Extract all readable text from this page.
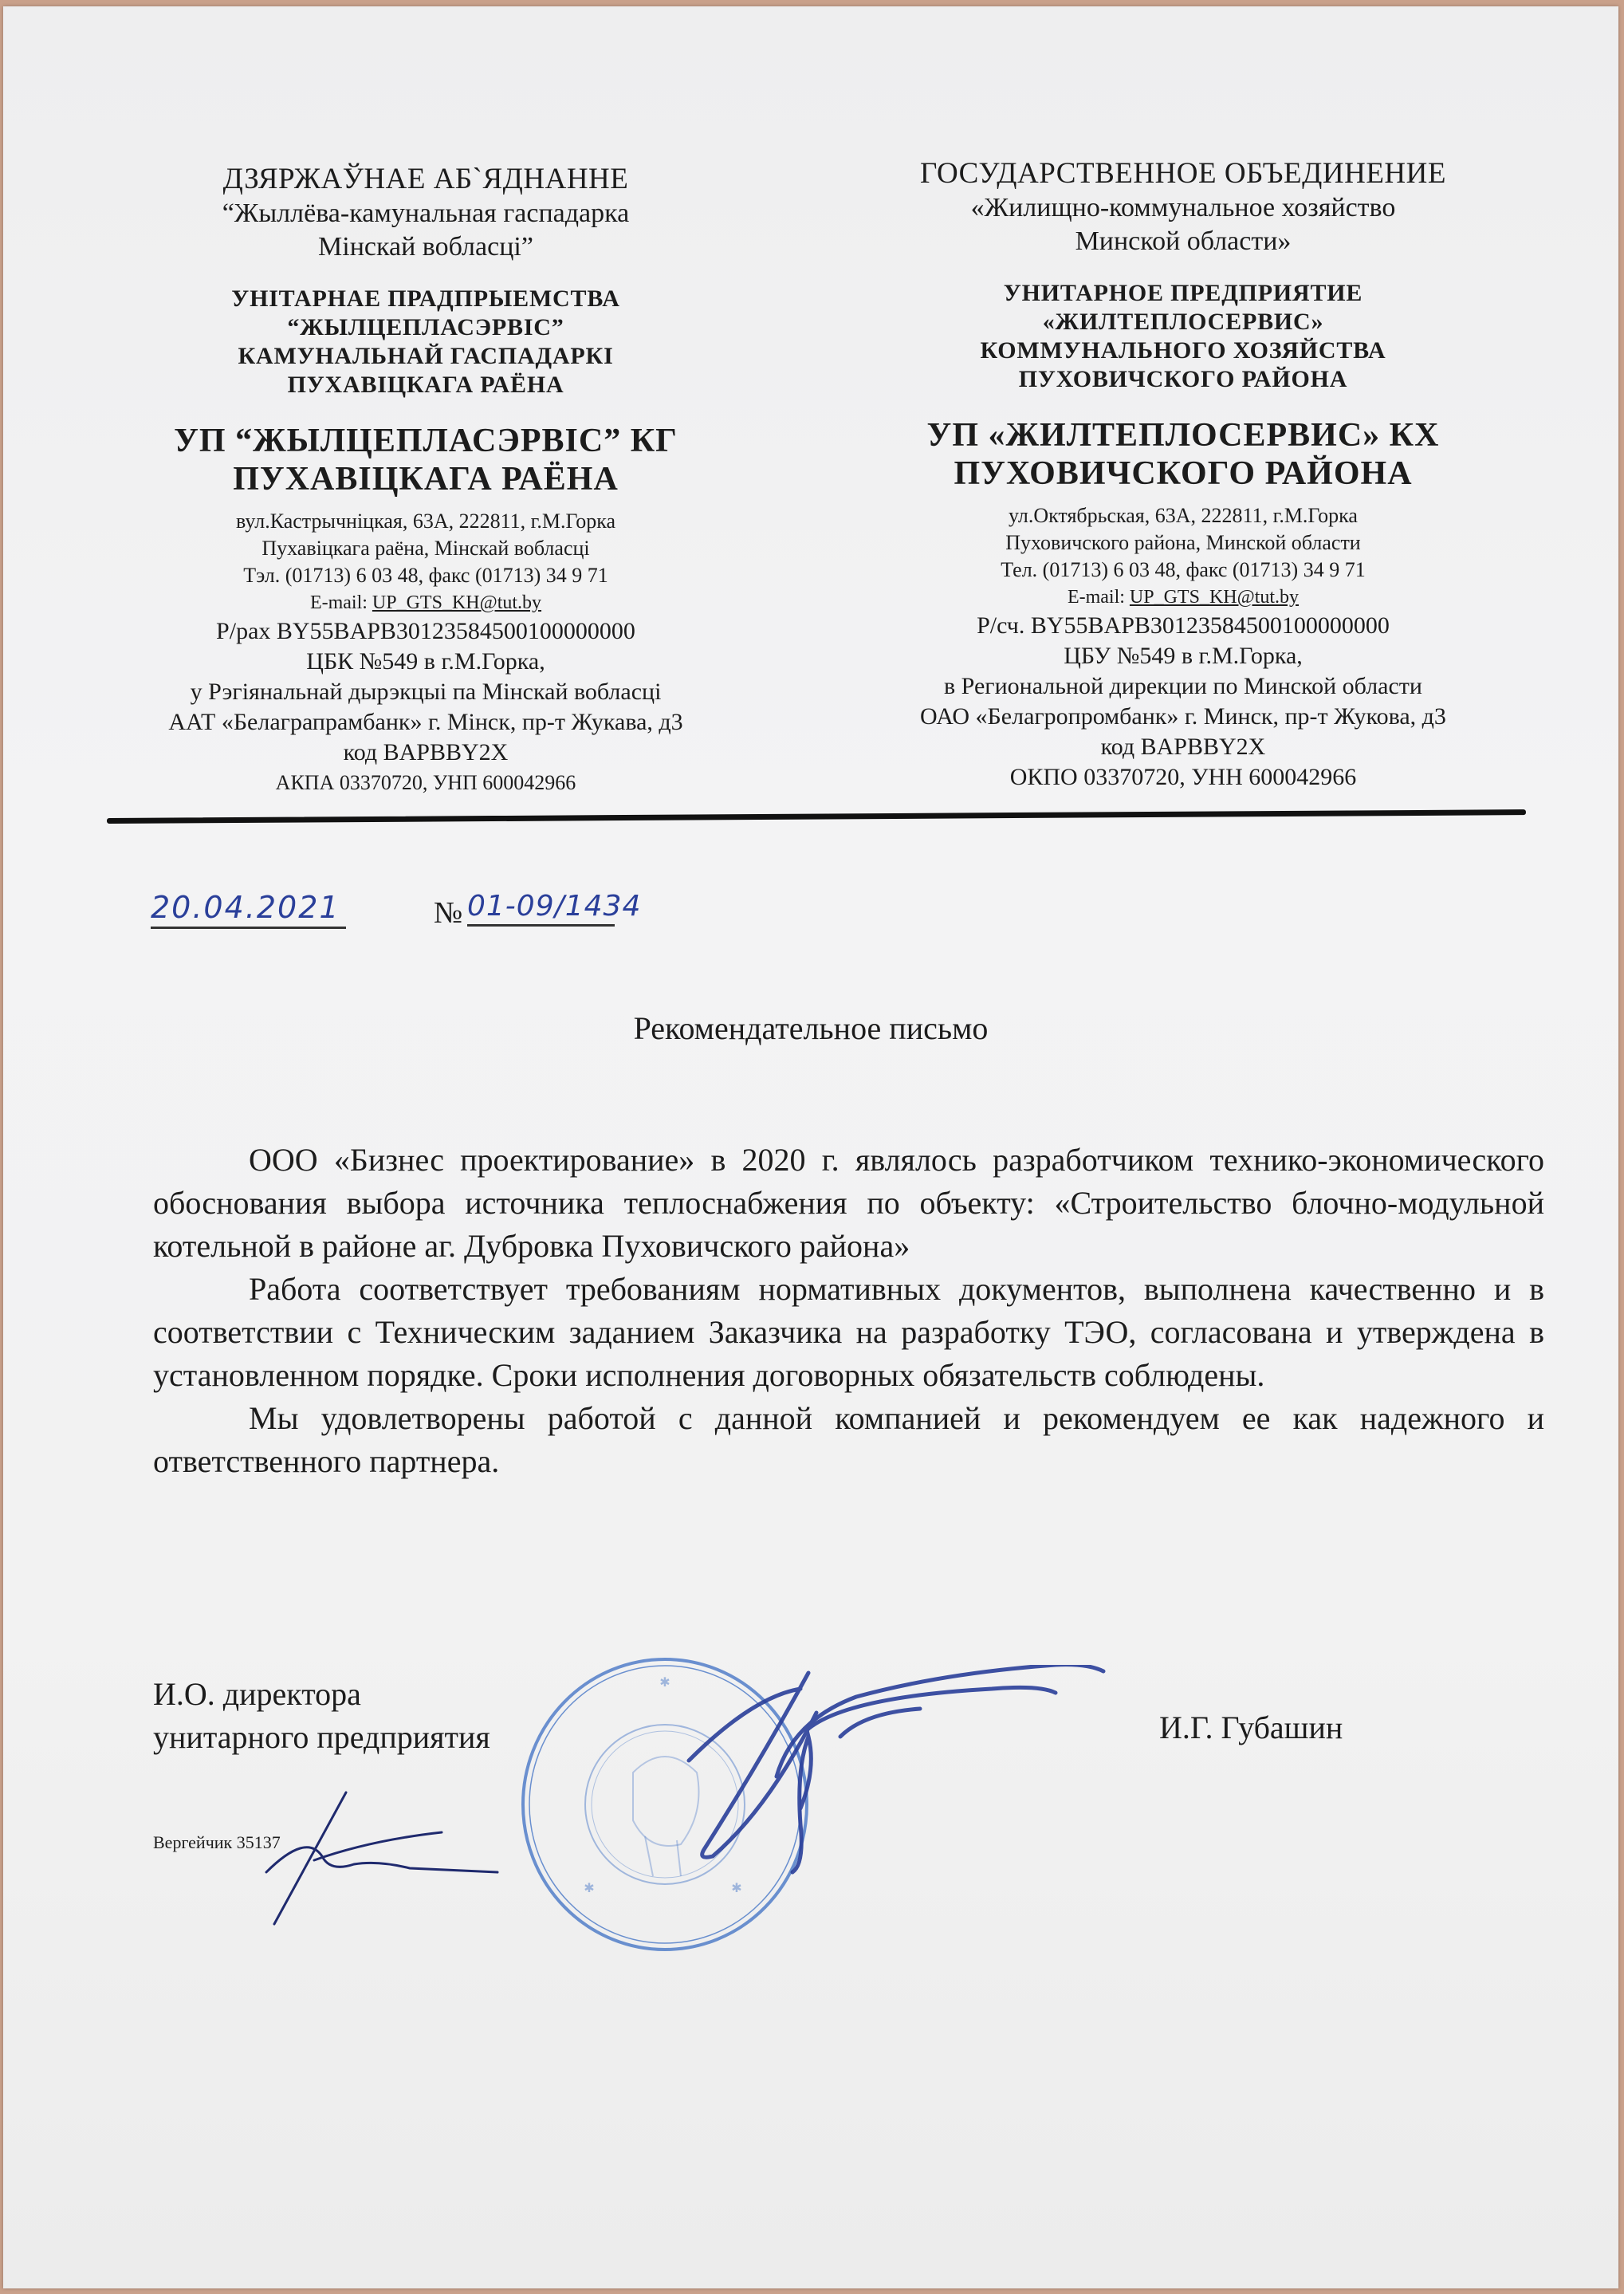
ДЗЯРЖАЎНАЕ АБ`ЯДНАННЕ
“Жыллёва-камунальная гаспадарка
Мінскай вобласці”
УНІТАРНАЕ ПРАДПРЫЕМСТВА
“ЖЫЛЦЕПЛАСЭРВІС”
КАМУНАЛЬНАЙ ГАСПАДАРКІ
ПУХАВІЦКАГА РАЁНА
УП “ЖЫЛЦЕПЛАСЭРВІС” КГ
ПУХАВІЦКАГА РАЁНА
вул.Кастрычніцкая, 63А, 222811, г.М.Горка
Пухавіцкага раёна, Мінскай вобласці
Тэл. (01713) 6 03 48, факс (01713) 34 9 71
E-mail: UP_GTS_KH@tut.by
Р/рах BY55BAPB30123584500100000000
ЦБК №549 в г.М.Горка,
у Рэгіянальнай дырэкцыі па Мінскай вобласці
ААТ «Белаграпрамбанк» г. Мінск, пр-т Жукава, д3
код BAPBBY2X
АКПА 03370720, УНП 600042966
ГОСУДАРСТВЕННОЕ ОБЪЕДИНЕНИЕ
«Жилищно-коммунальное хозяйство
Минской области»
УНИТАРНОЕ ПРЕДПРИЯТИЕ
«ЖИЛТЕПЛОСЕРВИС»
КОММУНАЛЬНОГО ХОЗЯЙСТВА
ПУХОВИЧСКОГО РАЙОНА
УП «ЖИЛТЕПЛОСЕРВИС» КХ
ПУХОВИЧСКОГО РАЙОНА
ул.Октябрьская, 63А, 222811, г.М.Горка
Пуховичского района, Минской области
Тел. (01713) 6 03 48, факс (01713) 34 9 71
E-mail: UP_GTS_KH@tut.by
Р/сч. BY55BAPB30123584500100000000
ЦБУ №549 в г.М.Горка,
в Региональной дирекции по Минской области
ОАО «Белагропромбанк» г. Минск, пр-т Жукова, д3
код BAPBBY2X
ОКПО 03370720, УНН 600042966
20.04.2021	№ 01-09/1434
Рекомендательное письмо

ООО «Бизнес проектирование» в 2020 г. являлось разработчиком технико-экономического обоснования выбора источника теплоснабжения по объекту: «Строительство блочно-модульной котельной в районе аг. Дубровка Пуховичского района»

Работа соответствует требованиям нормативных документов, выполнена качественно и в соответствии с Техническим заданием Заказчика на разработку ТЭО, согласована и утверждена в установленном порядке. Сроки исполнения договорных обязательств соблюдены.

Мы удовлетворены работой с данной компанией и рекомендуем ее как надежного и ответственного партнера.

И.О. директора
унитарного предприятия	И.Г. Губашин
Вергейчик 35137
✱
✱	✱
